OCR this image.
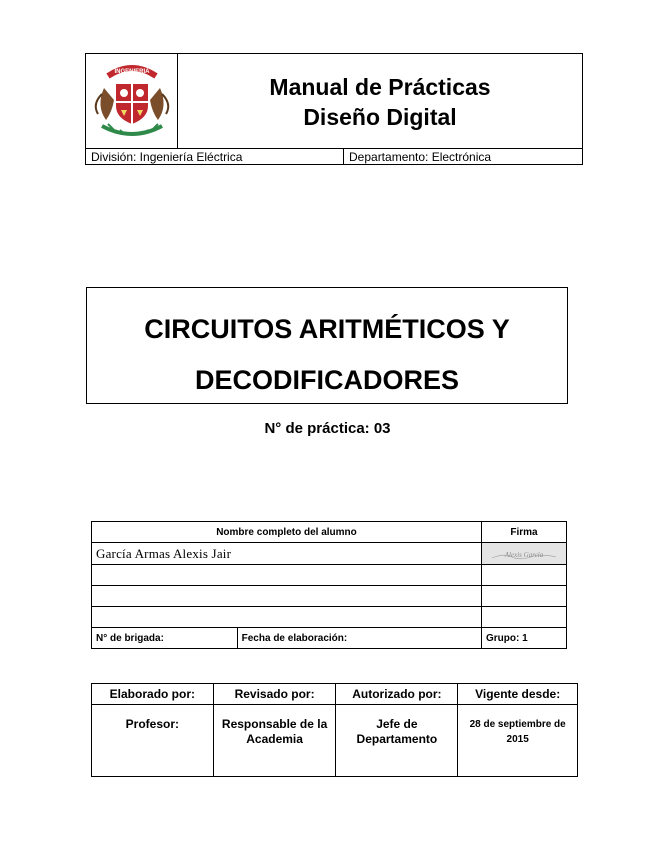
INGENIERIA
Manual de Prácticas
Diseño Digital
División: Ingeniería Eléctrica	Departamento: Electrónica
CIRCUITOS ARITMÉTICOS Y
DECODIFICADORES
N° de práctica: 03
Nombre completo del alumno		Firma
García Armas Alexis Jair		Alexis García

N° de brigada:	Fecha de elaboración:	Grupo: 1
Elaborado por:	Revisado por:	Autorizado por:	Vigente desde:
Profesor:	Responsable de la Academia	Jefe de Departamento	28 de septiembre de 2015
